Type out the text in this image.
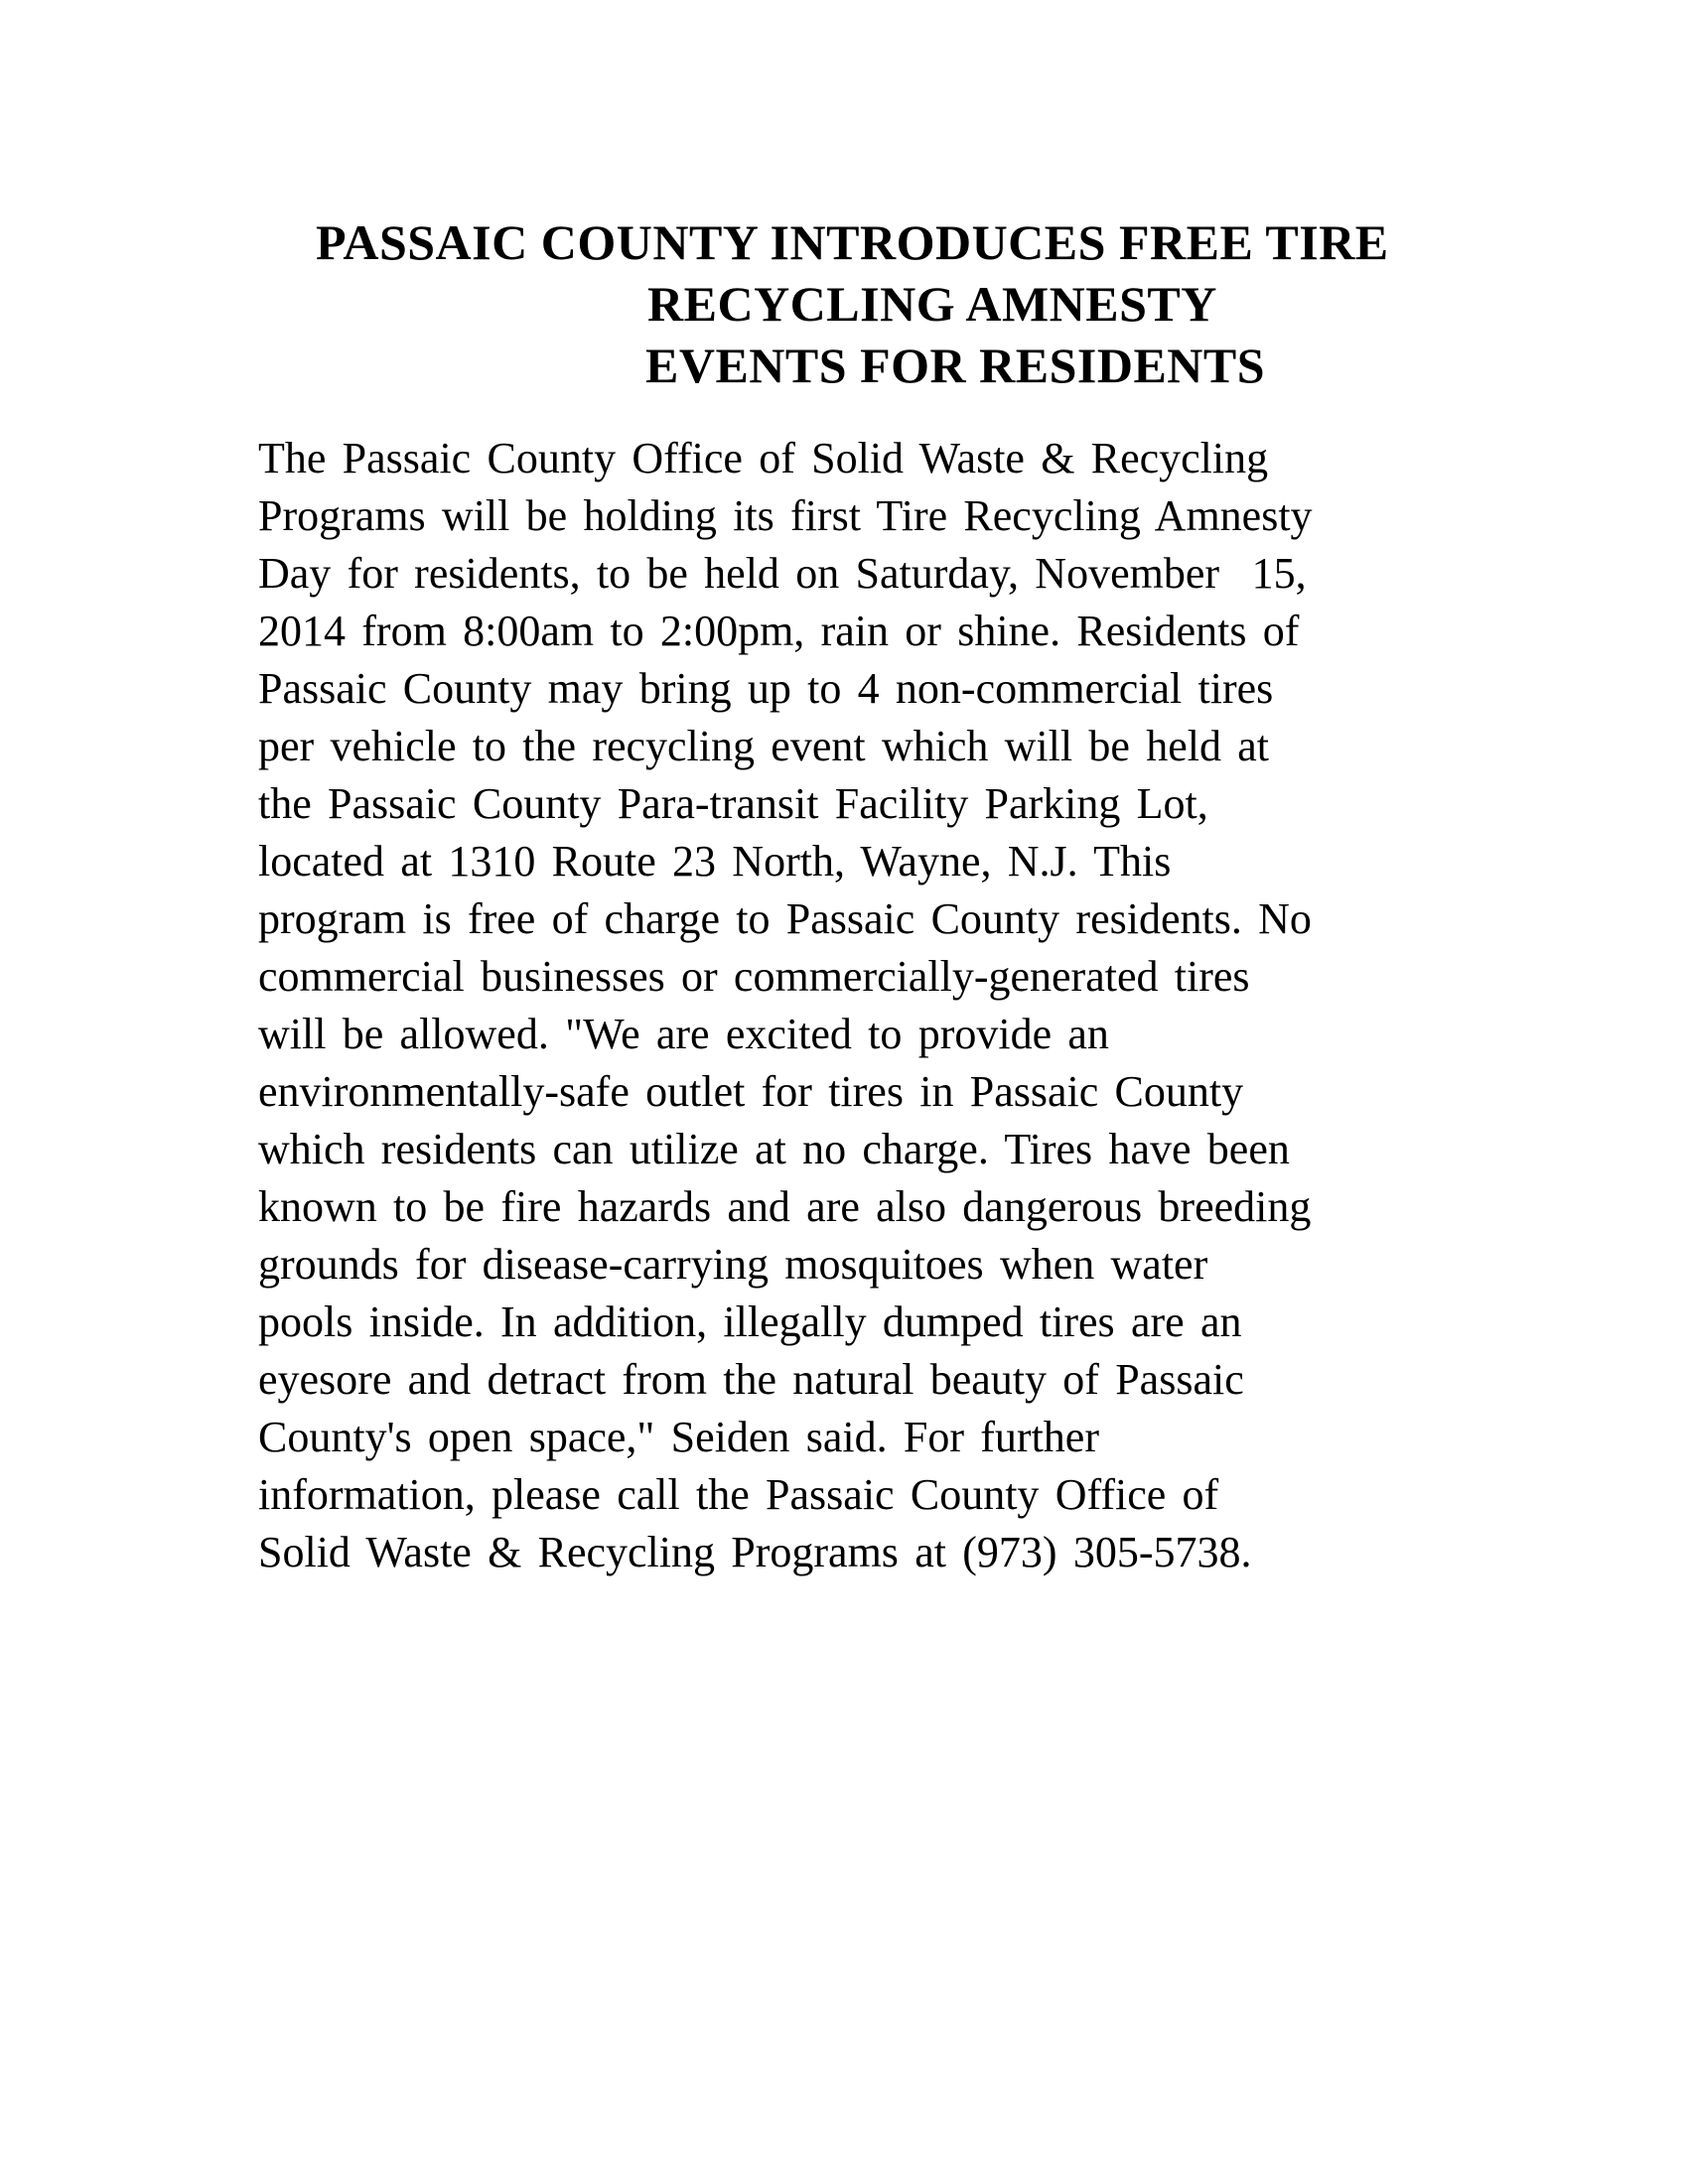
PASSAIC COUNTY INTRODUCES FREE TIRE
RECYCLING AMNESTY
EVENTS FOR RESIDENTS
The Passaic County Office of Solid Waste & Recycling
Programs will be holding its first Tire Recycling Amnesty
Day for residents, to be held on Saturday, November  15,
2014 from 8:00am to 2:00pm, rain or shine. Residents of
Passaic County may bring up to 4 non-commercial tires
per vehicle to the recycling event which will be held at
the Passaic County Para-transit Facility Parking Lot,
located at 1310 Route 23 North, Wayne, N.J. This
program is free of charge to Passaic County residents. No
commercial businesses or commercially-generated tires
will be allowed. "We are excited to provide an
environmentally-safe outlet for tires in Passaic County
which residents can utilize at no charge. Tires have been
known to be fire hazards and are also dangerous breeding
grounds for disease-carrying mosquitoes when water
pools inside. In addition, illegally dumped tires are an
eyesore and detract from the natural beauty of Passaic
County's open space," Seiden said. For further
information, please call the Passaic County Office of
Solid Waste & Recycling Programs at (973) 305-5738.
